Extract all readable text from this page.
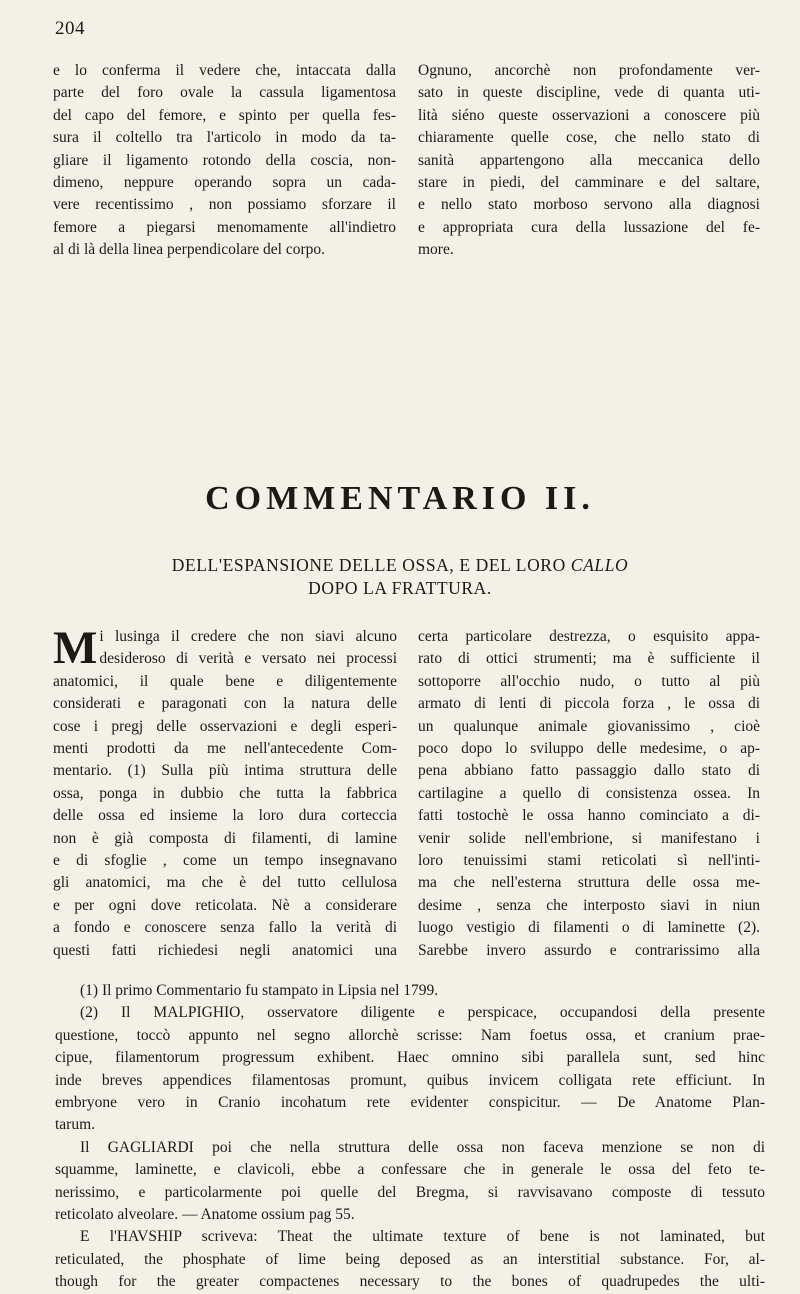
204
e lo conferma il vedere che, intaccata dalla
parte del foro ovale la cassula ligamentosa
del capo del femore, e spinto per quella fes-
sura il coltello tra l'articolo in modo da ta-
gliare il ligamento rotondo della coscia, non-
dimeno, neppure operando sopra un cada-
vere recentissimo , non possiamo sforzare il
femore a piegarsi menomamente all'indietro
al di là della linea perpendicolare del corpo.
Ognuno, ancorchè non profondamente ver-
sato in queste discipline, vede di quanta uti-
lità siéno queste osservazioni a conoscere più
chiaramente quelle cose, che nello stato di
sanità appartengono alla meccanica dello
stare in piedi, del camminare e del saltare,
e nello stato morboso servono alla diagnosi
e appropriata cura della lussazione del fe-
more.
COMMENTARIO II.
DELL'ESPANSIONE DELLE OSSA, E DEL LORO CALLO
DOPO LA FRATTURA.
M i lusinga il credere che non siavi alcuno
desideroso di verità e versato nei processi
anatomici, il quale bene e diligentemente
considerati e paragonati con la natura delle
cose i pregj delle osservazioni e degli esperi-
menti prodotti da me nell'antecedente Com-
mentario. (1) Sulla più intima struttura delle
ossa, ponga in dubbio che tutta la fabbrica
delle ossa ed insieme la loro dura corteccia
non è già composta di filamenti, di lamine
e di sfoglie , come un tempo insegnavano
gli anatomici, ma che è del tutto cellulosa
e per ogni dove reticolata. Nè a considerare
a fondo e conoscere senza fallo la verità di
questi fatti richiedesi negli anatomici una
certa particolare destrezza, o esquisito appa-
rato di ottici strumenti; ma è sufficiente il
sottoporre all'occhio nudo, o tutto al più
armato di lenti di piccola forza , le ossa di
un qualunque animale giovanissimo , cioè
poco dopo lo sviluppo delle medesime, o ap-
pena abbiano fatto passaggio dallo stato di
cartilagine a quello di consistenza ossea. In
fatti tostochè le ossa hanno cominciato a di-
venir solide nell'embrione, si manifestano i
loro tenuissimi stami reticolati sì nell'inti-
ma che nell'esterna struttura delle ossa me-
desime , senza che interposto siavi in niun
luogo vestigio di filamenti o di laminette (2).
Sarebbe invero assurdo e contrarissimo alla
(1) Il primo Commentario fu stampato in Lipsia nel 1799.
(2) Il MALPIGHIO, osservatore diligente e perspicace, occupandosi della presente
questione, toccò appunto nel segno allorchè scrisse: Nam foetus ossa, et cranium prae-
cipue, filamentorum progressum exhibent. Haec omnino sibi parallela sunt, sed hinc
inde breves appendices filamentosas promunt, quibus invicem colligata rete efficiunt. In
embryone vero in Cranio incohatum rete evidenter conspicitur. — De Anatome Plan-
tarum.
Il GAGLIARDI poi che nella struttura delle ossa non faceva menzione se non di
squamme, laminette, e clavicoli, ebbe a confessare che in generale le ossa del feto te-
nerissimo, e particolarmente poi quelle del Bregma, si ravvisavano composte di tessuto
reticolato alveolare. — Anatome ossium pag 55.
E l'HAVSHIP scriveva: Theat the ultimate texture of bene is not laminated, but
reticulated, the phosphate of lime being deposed as an interstitial substance. For, al-
though for the greater compactenes necessary to the bones of quadrupedes the ulti-
